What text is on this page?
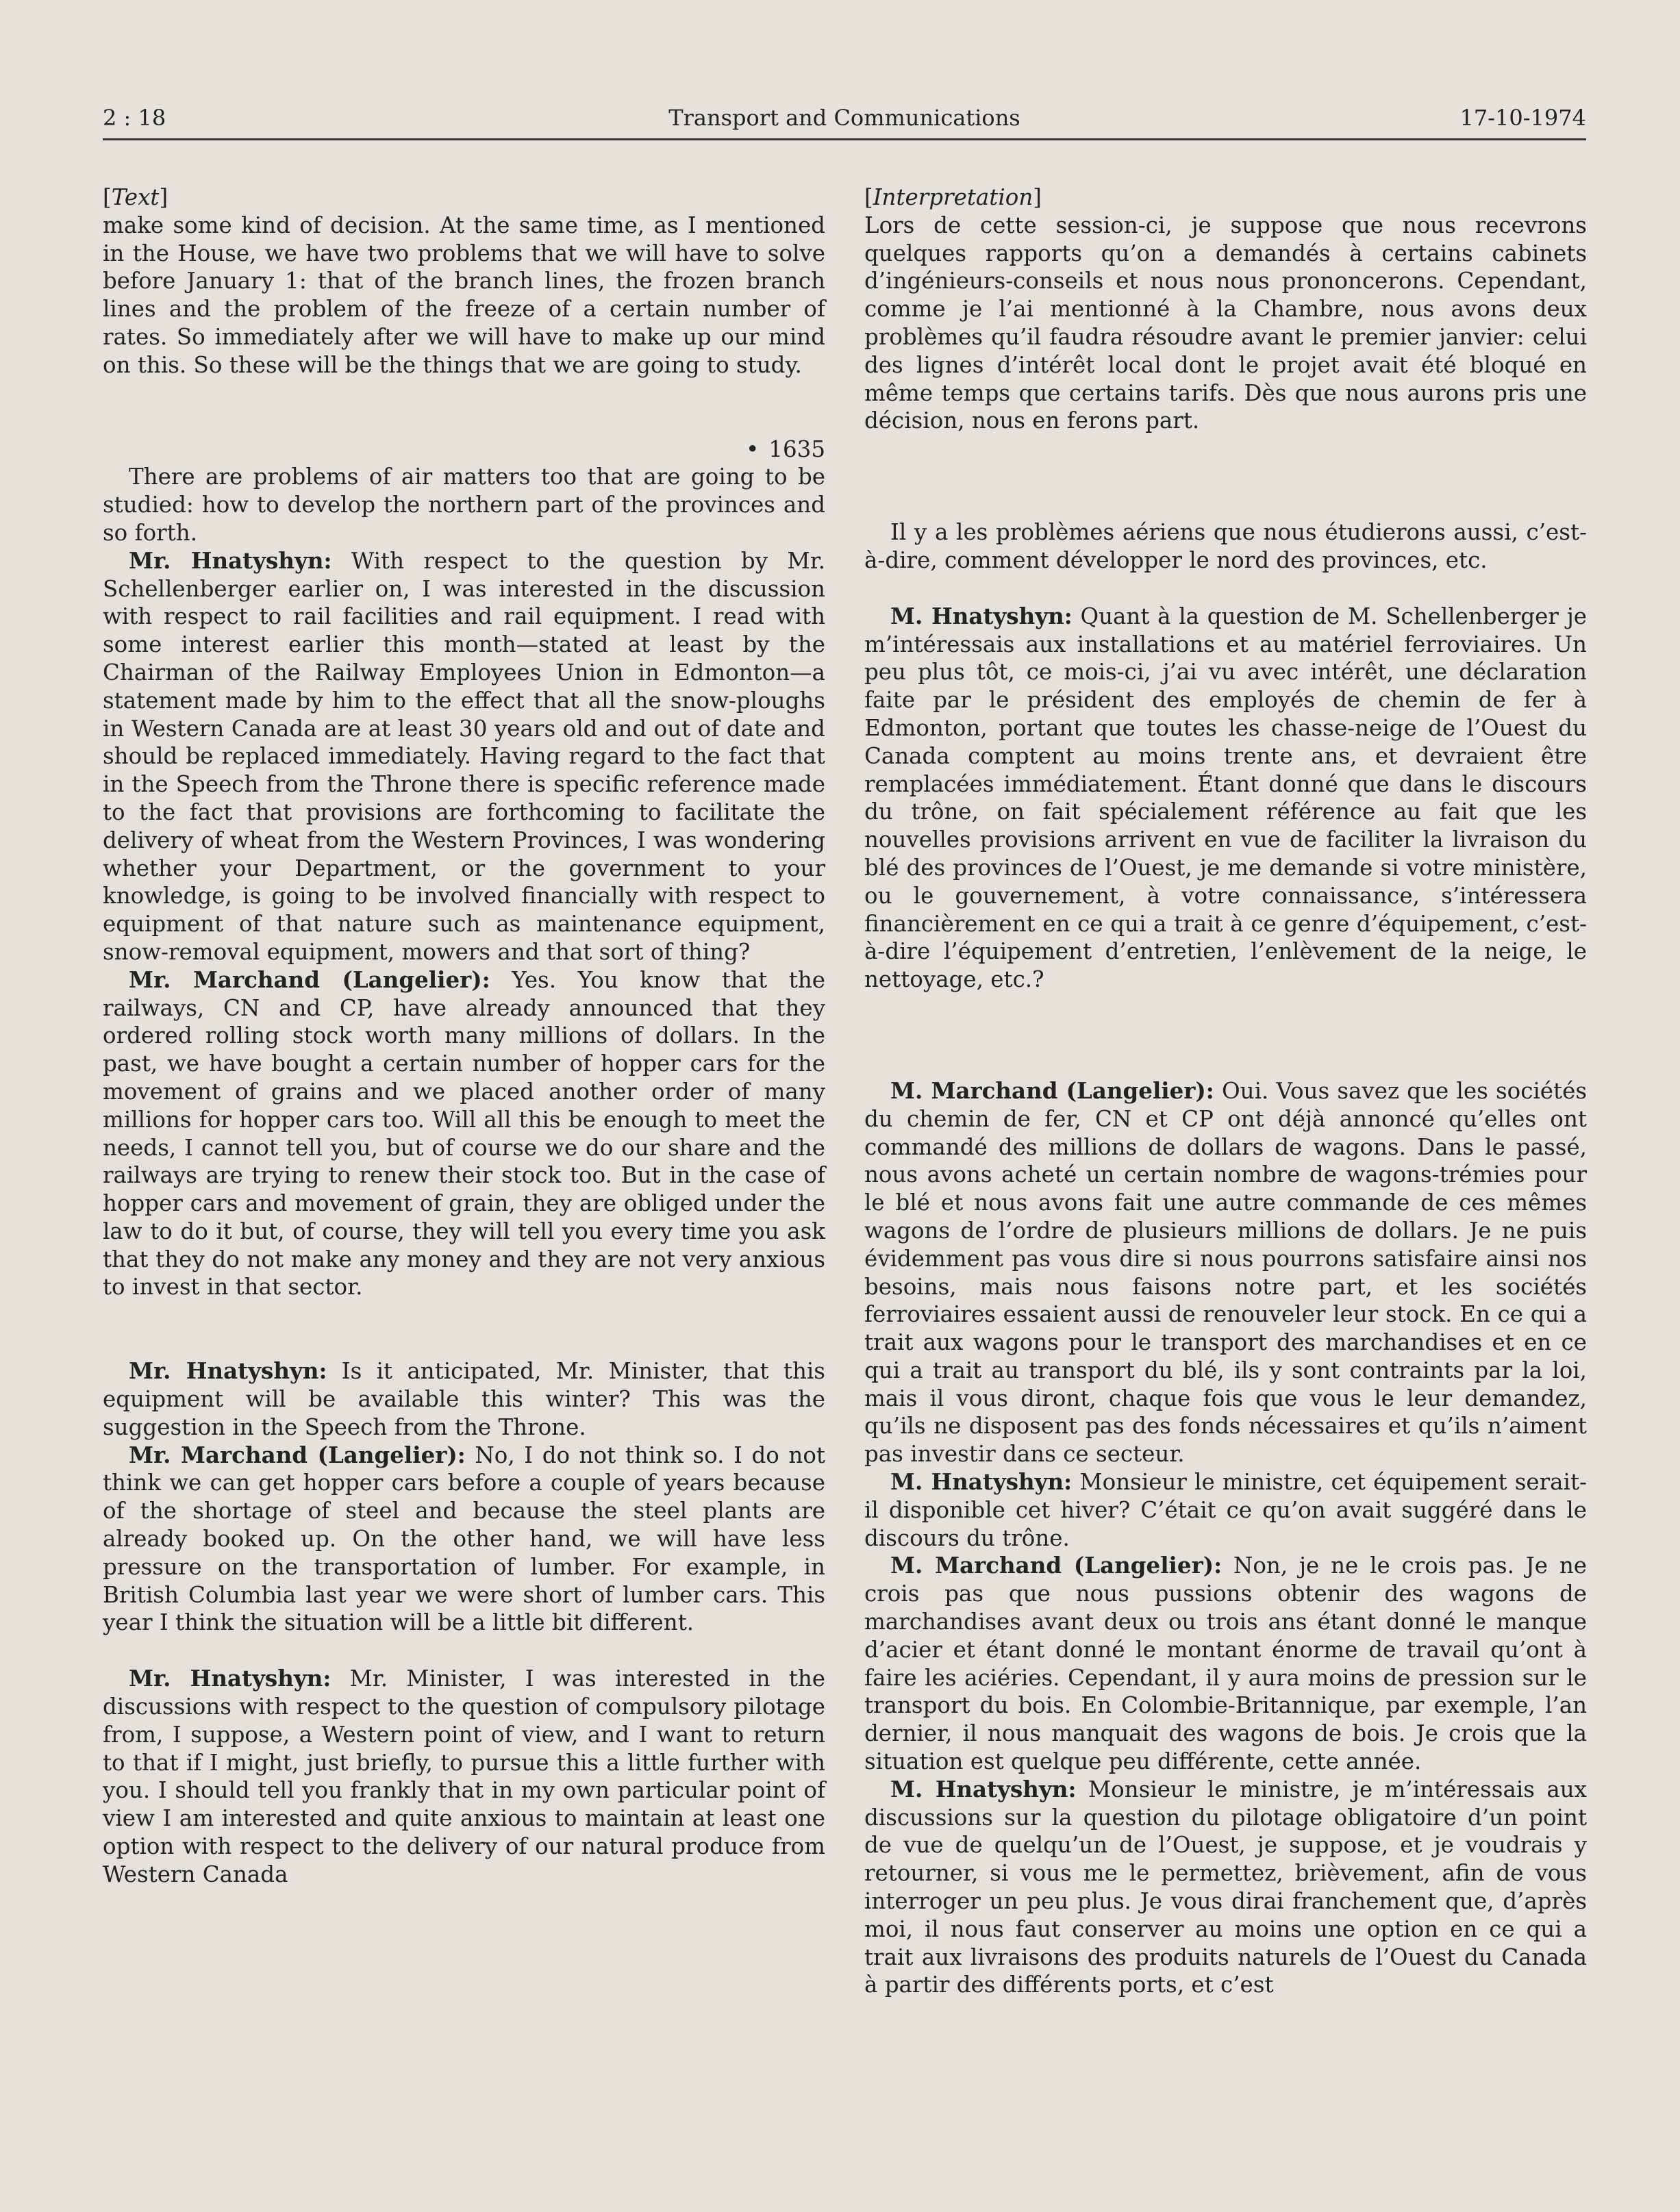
2 : 18	Transport and Communications	17-10-1974

[Text]

make some kind of decision. At the same time, as I mentioned in the House, we have two problems that we will have to solve before January 1: that of the branch lines, the frozen branch lines and the problem of the freeze of a certain number of rates. So immediately after we will have to make up our mind on this. So these will be the things that we are going to study.

• 1635

There are problems of air matters too that are going to be studied: how to develop the northern part of the provinces and so forth.

Mr. Hnatyshyn: With respect to the question by Mr. Schellenberger earlier on, I was interested in the discussion with respect to rail facilities and rail equipment. I read with some interest earlier this month—stated at least by the Chairman of the Railway Employees Union in Edmonton—a statement made by him to the effect that all the snow-ploughs in Western Canada are at least 30 years old and out of date and should be replaced immediately. Having regard to the fact that in the Speech from the Throne there is specific reference made to the fact that provisions are forthcoming to facilitate the delivery of wheat from the Western Provinces, I was wondering whether your Department, or the government to your knowledge, is going to be involved financially with respect to equipment of that nature such as maintenance equipment, snow-removal equipment, mowers and that sort of thing?

Mr. Marchand (Langelier): Yes. You know that the railways, CN and CP, have already announced that they ordered rolling stock worth many millions of dollars. In the past, we have bought a certain number of hopper cars for the movement of grains and we placed another order of many millions for hopper cars too. Will all this be enough to meet the needs, I cannot tell you, but of course we do our share and the railways are trying to renew their stock too. But in the case of hopper cars and movement of grain, they are obliged under the law to do it but, of course, they will tell you every time you ask that they do not make any money and they are not very anxious to invest in that sector.

Mr. Hnatyshyn: Is it anticipated, Mr. Minister, that this equipment will be available this winter? This was the suggestion in the Speech from the Throne.

Mr. Marchand (Langelier): No, I do not think so. I do not think we can get hopper cars before a couple of years because of the shortage of steel and because the steel plants are already booked up. On the other hand, we will have less pressure on the transportation of lumber. For example, in British Columbia last year we were short of lumber cars. This year I think the situation will be a little bit different.

Mr. Hnatyshyn: Mr. Minister, I was interested in the discussions with respect to the question of compulsory pilotage from, I suppose, a Western point of view, and I want to return to that if I might, just briefly, to pursue this a little further with you. I should tell you frankly that in my own particular point of view I am interested and quite anxious to maintain at least one option with respect to the delivery of our natural produce from Western Canada

[Interpretation]

Lors de cette session-ci, je suppose que nous recevrons quelques rapports qu’on a demandés à certains cabinets d’ingénieurs-conseils et nous nous prononcerons. Cependant, comme je l’ai mentionné à la Chambre, nous avons deux problèmes qu’il faudra résoudre avant le premier janvier: celui des lignes d’intérêt local dont le projet avait été bloqué en même temps que certains tarifs. Dès que nous aurons pris une décision, nous en ferons part.

Il y a les problèmes aériens que nous étudierons aussi, c’est-à-dire, comment développer le nord des provinces, etc.

M. Hnatyshyn: Quant à la question de M. Schellenberger je m’intéressais aux installations et au matériel ferroviaires. Un peu plus tôt, ce mois-ci, j’ai vu avec intérêt, une déclaration faite par le président des employés de chemin de fer à Edmonton, portant que toutes les chasse-neige de l’Ouest du Canada comptent au moins trente ans, et devraient être remplacées immédiatement. Étant donné que dans le discours du trône, on fait spécialement référence au fait que les nouvelles provisions arrivent en vue de faciliter la livraison du blé des provinces de l’Ouest, je me demande si votre ministère, ou le gouvernement, à votre connaissance, s’intéressera financièrement en ce qui a trait à ce genre d’équipement, c’est-à-dire l’équipement d’entretien, l’enlèvement de la neige, le nettoyage, etc.?

M. Marchand (Langelier): Oui. Vous savez que les sociétés du chemin de fer, CN et CP ont déjà annoncé qu’elles ont commandé des millions de dollars de wagons. Dans le passé, nous avons acheté un certain nombre de wagons-trémies pour le blé et nous avons fait une autre commande de ces mêmes wagons de l’ordre de plusieurs millions de dollars. Je ne puis évidemment pas vous dire si nous pourrons satisfaire ainsi nos besoins, mais nous faisons notre part, et les sociétés ferroviaires essaient aussi de renouveler leur stock. En ce qui a trait aux wagons pour le transport des marchandises et en ce qui a trait au transport du blé, ils y sont contraints par la loi, mais il vous diront, chaque fois que vous le leur demandez, qu’ils ne disposent pas des fonds nécessaires et qu’ils n’aiment pas investir dans ce secteur.

M. Hnatyshyn: Monsieur le ministre, cet équipement serait-il disponible cet hiver? C’était ce qu’on avait suggéré dans le discours du trône.

M. Marchand (Langelier): Non, je ne le crois pas. Je ne crois pas que nous pussions obtenir des wagons de marchandises avant deux ou trois ans étant donné le manque d’acier et étant donné le montant énorme de travail qu’ont à faire les aciéries. Cependant, il y aura moins de pression sur le transport du bois. En Colombie-Britannique, par exemple, l’an dernier, il nous manquait des wagons de bois. Je crois que la situation est quelque peu différente, cette année.

M. Hnatyshyn: Monsieur le ministre, je m’intéressais aux discussions sur la question du pilotage obligatoire d’un point de vue de quelqu’un de l’Ouest, je suppose, et je voudrais y retourner, si vous me le permettez, brièvement, afin de vous interroger un peu plus. Je vous dirai franchement que, d’après moi, il nous faut conserver au moins une option en ce qui a trait aux livraisons des produits naturels de l’Ouest du Canada à partir des différents ports, et c’est
